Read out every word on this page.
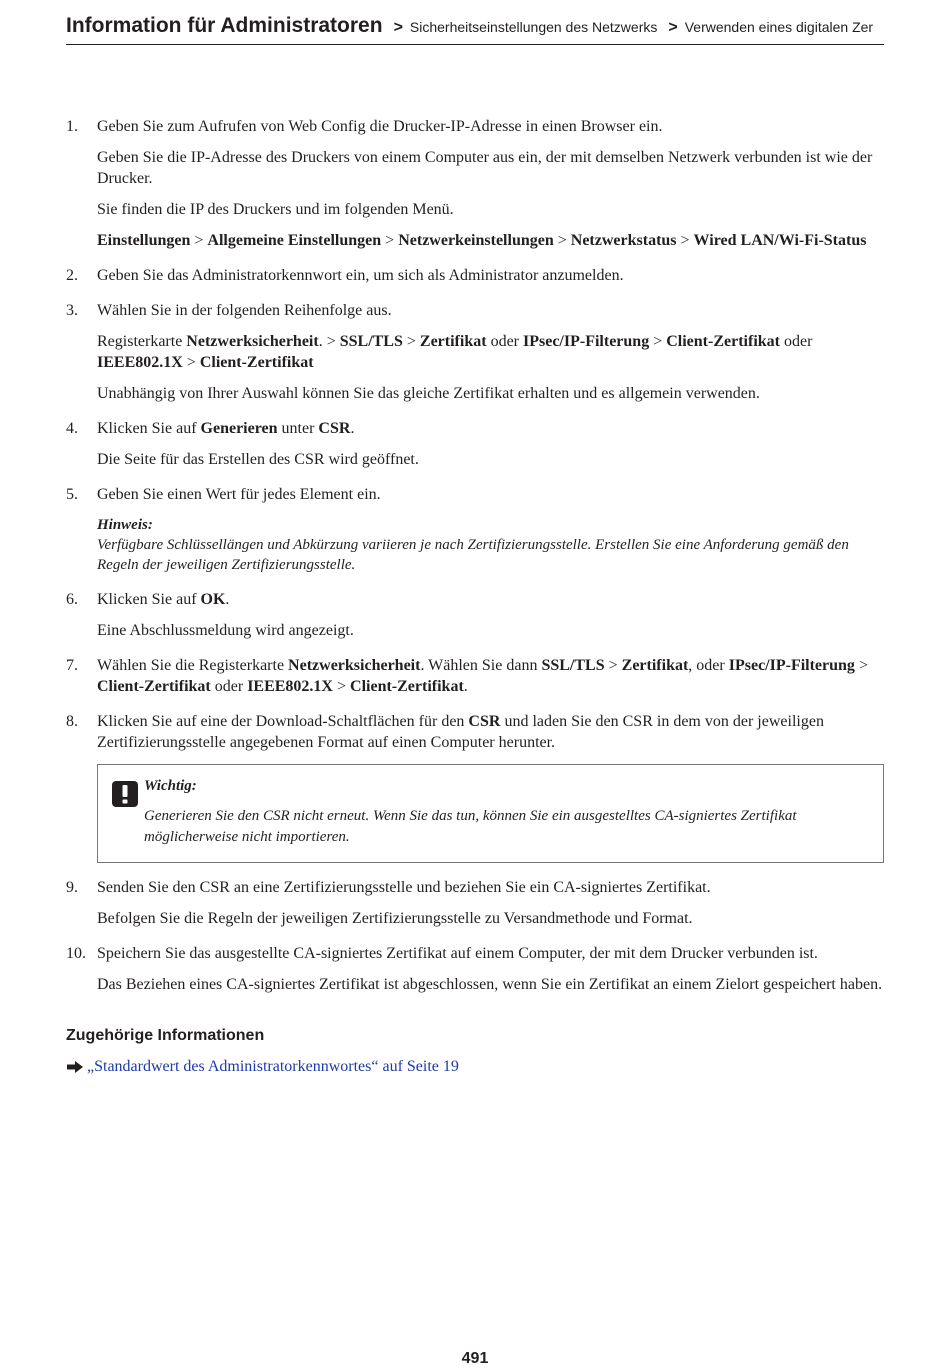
Information für Administratoren > Sicherheitseinstellungen des Netzwerks > Verwenden eines digitalen Zer
1. Geben Sie zum Aufrufen von Web Config die Drucker-IP-Adresse in einen Browser ein.
Geben Sie die IP-Adresse des Druckers von einem Computer aus ein, der mit demselben Netzwerk verbunden ist wie der Drucker.
Sie finden die IP des Druckers und im folgenden Menü.
Einstellungen > Allgemeine Einstellungen > Netzwerkeinstellungen > Netzwerkstatus > Wired LAN/Wi-Fi-Status
2. Geben Sie das Administratorkennwort ein, um sich als Administrator anzumelden.
3. Wählen Sie in der folgenden Reihenfolge aus.
Registerkarte Netzwerksicherheit. > SSL/TLS > Zertifikat oder IPsec/IP-Filterung > Client-Zertifikat oder IEEE802.1X > Client-Zertifikat
Unabhängig von Ihrer Auswahl können Sie das gleiche Zertifikat erhalten und es allgemein verwenden.
4. Klicken Sie auf Generieren unter CSR.
Die Seite für das Erstellen des CSR wird geöffnet.
5. Geben Sie einen Wert für jedes Element ein.
Hinweis:
Verfügbare Schlüssellängen und Abkürzung variieren je nach Zertifizierungsstelle. Erstellen Sie eine Anforderung gemäß den Regeln der jeweiligen Zertifizierungsstelle.
6. Klicken Sie auf OK.
Eine Abschlussmeldung wird angezeigt.
7. Wählen Sie die Registerkarte Netzwerksicherheit. Wählen Sie dann SSL/TLS > Zertifikat, oder IPsec/IP-Filterung > Client-Zertifikat oder IEEE802.1X > Client-Zertifikat.
8. Klicken Sie auf eine der Download-Schaltflächen für den CSR und laden Sie den CSR in dem von der jeweiligen Zertifizierungsstelle angegebenen Format auf einen Computer herunter.
Wichtig:
Generieren Sie den CSR nicht erneut. Wenn Sie das tun, können Sie ein ausgestelltes CA-signiertes Zertifikat möglicherweise nicht importieren.
9. Senden Sie den CSR an eine Zertifizierungsstelle und beziehen Sie ein CA-signiertes Zertifikat.
Befolgen Sie die Regeln der jeweiligen Zertifizierungsstelle zu Versandmethode und Format.
10. Speichern Sie das ausgestellte CA-signiertes Zertifikat auf einem Computer, der mit dem Drucker verbunden ist.
Das Beziehen eines CA-signiertes Zertifikat ist abgeschlossen, wenn Sie ein Zertifikat an einem Zielort gespeichert haben.
Zugehörige Informationen
„Standardwert des Administratorkennwortes“ auf Seite 19
491
